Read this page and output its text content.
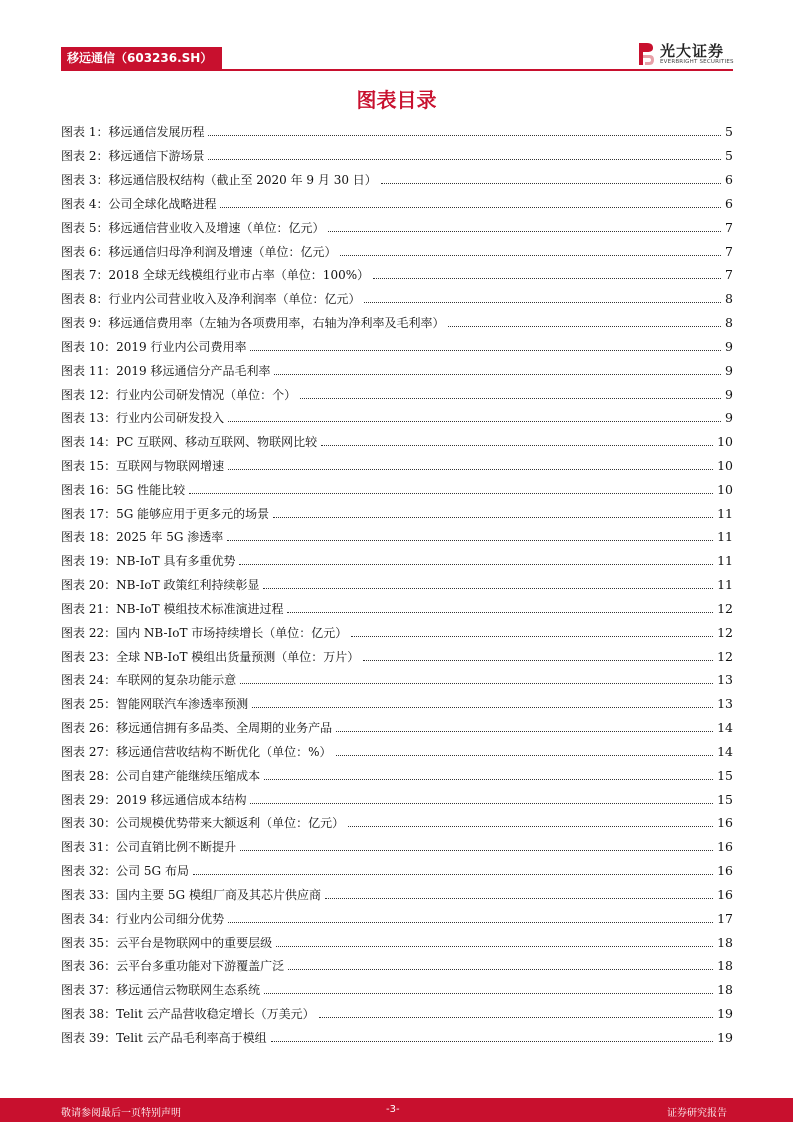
移远通信（603236.SH）	光大证券
EVERBRIGHT SECURITIES
图表目录
图表 1： 移远通信发展历程	5
图表 2： 移远通信下游场景	5
图表 3： 移远通信股权结构（截止至 2020 年 9 月 30 日）	6
图表 4： 公司全球化战略进程	6
图表 5： 移远通信营业收入及增速（单位：亿元）	7
图表 6： 移远通信归母净利润及增速（单位：亿元）	7
图表 7： 2018 全球无线模组行业市占率（单位：100%）	7
图表 8： 行业内公司营业收入及净利润率（单位：亿元）	8
图表 9： 移远通信费用率（左轴为各项费用率，右轴为净利率及毛利率）	8
图表 10： 2019 行业内公司费用率	9
图表 11： 2019 移远通信分产品毛利率	9
图表 12： 行业内公司研发情况（单位：个）	9
图表 13： 行业内公司研发投入	9
图表 14： PC 互联网、移动互联网、物联网比较	10
图表 15： 互联网与物联网增速	10
图表 16： 5G 性能比较	10
图表 17： 5G 能够应用于更多元的场景	11
图表 18： 2025 年 5G 渗透率	11
图表 19： NB-IoT 具有多重优势	11
图表 20： NB-IoT 政策红利持续彰显	11
图表 21： NB-IoT 模组技术标准演进过程	12
图表 22： 国内 NB-IoT 市场持续增长（单位：亿元）	12
图表 23： 全球 NB-IoT 模组出货量预测（单位：万片）	12
图表 24： 车联网的复杂功能示意	13
图表 25： 智能网联汽车渗透率预测	13
图表 26： 移远通信拥有多品类、全周期的业务产品	14
图表 27： 移远通信营收结构不断优化（单位：%）	14
图表 28： 公司自建产能继续压缩成本	15
图表 29： 2019 移远通信成本结构	15
图表 30： 公司规模优势带来大额返利（单位：亿元）	16
图表 31： 公司直销比例不断提升	16
图表 32： 公司 5G 布局	16
图表 33： 国内主要 5G 模组厂商及其芯片供应商	16
图表 34： 行业内公司细分优势	17
图表 35： 云平台是物联网中的重要层级	18
图表 36： 云平台多重功能对下游覆盖广泛	18
图表 37： 移远通信云物联网生态系统	18
图表 38： Telit 云产品营收稳定增长（万美元）	19
图表 39： Telit 云产品毛利率高于模组	19
敬请参阅最后一页特别声明	-3-	证券研究报告
